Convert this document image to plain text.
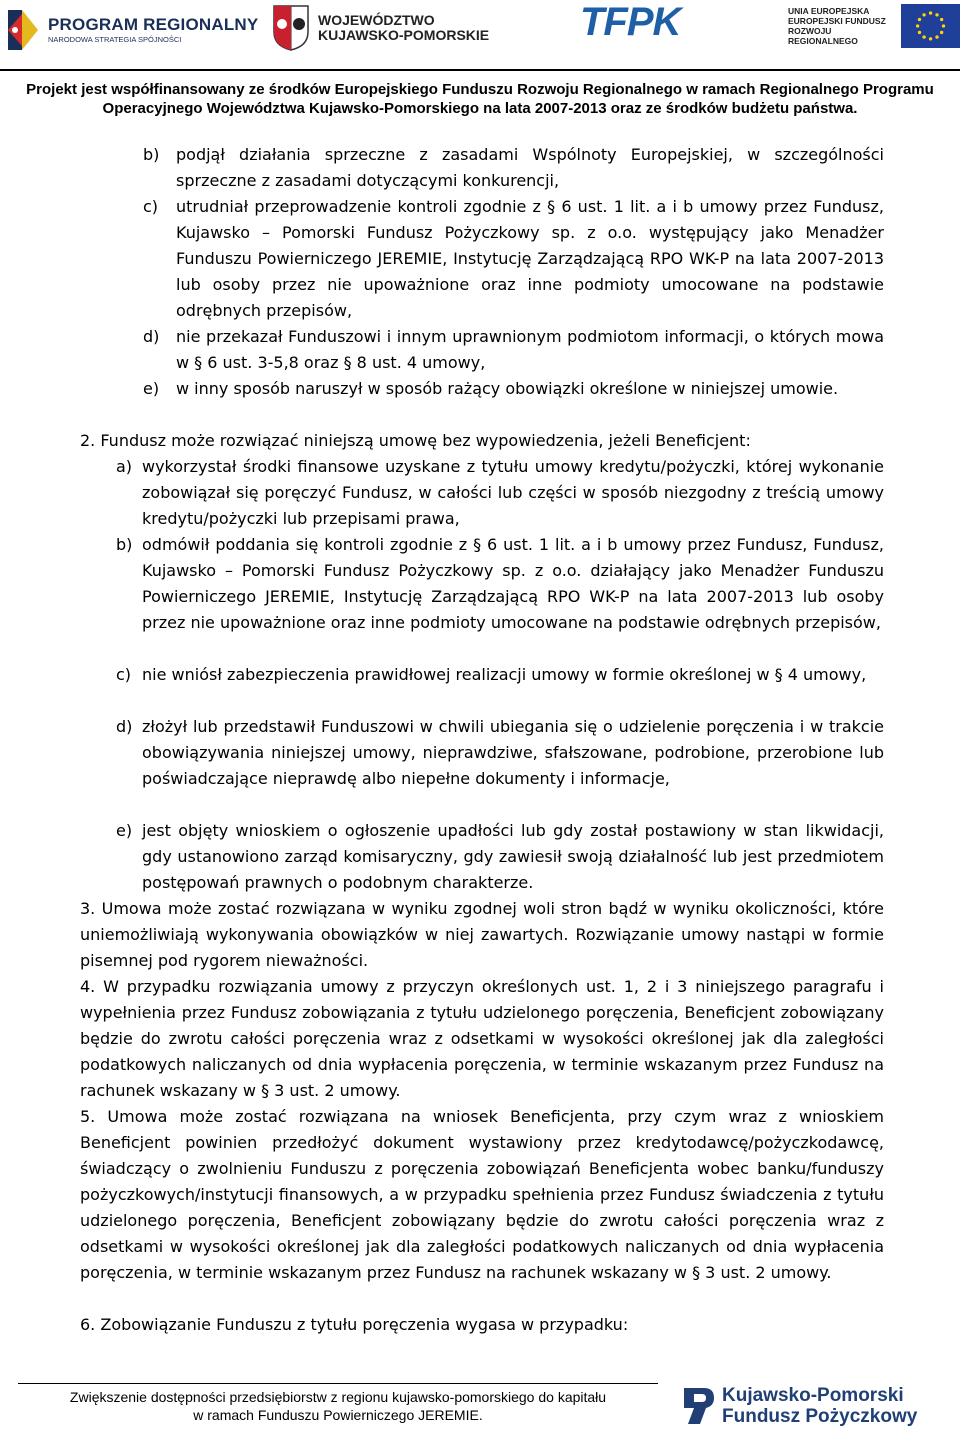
PROGRAM REGIONALNY
NARODOWA STRATEGIA SPÓJNOŚCI
WOJEWÓDZTWO
KUJAWSKO-POMORSKIE TFPK	UNIA EUROPEJSKA
EUROPEJSKI FUNDUSZ
ROZWOJU REGIONALNEGO
Projekt jest współfinansowany ze środków Europejskiego Funduszu Rozwoju Regionalnego w ramach Regionalnego Programu
Operacyjnego Województwa Kujawsko-Pomorskiego na lata 2007-2013 oraz ze środków budżetu państwa.
b) podjął działania sprzeczne z zasadami Wspólnoty Europejskiej, w szczególności sprzeczne z zasadami dotyczącymi konkurencji,
c) utrudniał przeprowadzenie kontroli zgodnie z § 6 ust. 1 lit. a i b umowy przez Fundusz, Kujawsko – Pomorski Fundusz Pożyczkowy sp. z o.o. występujący jako Menadżer Funduszu Powierniczego JEREMIE, Instytucję Zarządzającą RPO WK-P na lata 2007-2013 lub osoby przez nie upoważnione oraz inne podmioty umocowane na podstawie odrębnych przepisów,
d) nie przekazał Funduszowi i innym uprawnionym podmiotom informacji, o których mowa w § 6 ust. 3-5,8 oraz § 8 ust. 4 umowy,
e) w inny sposób naruszył w sposób rażący obowiązki określone w niniejszej umowie.
2. Fundusz może rozwiązać niniejszą umowę bez wypowiedzenia, jeżeli Beneficjent:
a) wykorzystał środki finansowe uzyskane z tytułu umowy kredytu/pożyczki, której wykonanie zobowiązał się poręczyć Fundusz, w całości lub części w sposób niezgodny z treścią umowy kredytu/pożyczki lub przepisami prawa,
b) odmówił poddania się kontroli zgodnie z § 6 ust. 1 lit. a i b umowy przez Fundusz, Fundusz, Kujawsko – Pomorski Fundusz Pożyczkowy sp. z o.o. działający jako Menadżer Funduszu Powierniczego JEREMIE, Instytucję Zarządzającą RPO WK-P na lata 2007-2013 lub osoby przez nie upoważnione oraz inne podmioty umocowane na podstawie odrębnych przepisów,
c) nie wniósł zabezpieczenia prawidłowej realizacji umowy w formie określonej w § 4 umowy,
d) złożył lub przedstawił Funduszowi w chwili ubiegania się o udzielenie poręczenia i w trakcie obowiązywania niniejszej umowy, nieprawdziwe, sfałszowane, podrobione, przerobione lub poświadczające nieprawdę albo niepełne dokumenty i informacje,
e) jest objęty wnioskiem o ogłoszenie upadłości lub gdy został postawiony w stan likwidacji, gdy ustanowiono zarząd komisaryczny, gdy zawiesił swoją działalność lub jest przedmiotem postępowań prawnych o podobnym charakterze.
3. Umowa może zostać rozwiązana w wyniku zgodnej woli stron bądź w wyniku okoliczności, które uniemożliwiają wykonywania obowiązków w niej zawartych. Rozwiązanie umowy nastąpi w formie pisemnej pod rygorem nieważności.
4. W przypadku rozwiązania umowy z przyczyn określonych ust. 1, 2 i 3 niniejszego paragrafu i wypełnienia przez Fundusz zobowiązania z tytułu udzielonego poręczenia, Beneficjent zobowiązany będzie do zwrotu całości poręczenia wraz z odsetkami w wysokości określonej jak dla zaległości podatkowych naliczanych od dnia wypłacenia poręczenia, w terminie wskazanym przez Fundusz na rachunek wskazany w § 3 ust. 2 umowy.
5. Umowa może zostać rozwiązana na wniosek Beneficjenta, przy czym wraz z wnioskiem Beneficjent powinien przedłożyć dokument wystawiony przez kredytodawcę/pożyczkodawcę, świadczący o zwolnieniu Funduszu z poręczenia zobowiązań Beneficjenta wobec banku/funduszy pożyczkowych/instytucji finansowych, a w przypadku spełnienia przez Fundusz świadczenia z tytułu udzielonego poręczenia, Beneficjent zobowiązany będzie do zwrotu całości poręczenia wraz z odsetkami w wysokości określonej jak dla zaległości podatkowych naliczanych od dnia wypłacenia poręczenia, w terminie wskazanym przez Fundusz na rachunek wskazany w § 3 ust. 2 umowy.
6. Zobowiązanie Funduszu z tytułu poręczenia wygasa w przypadku:
Zwiększenie dostępności przedsiębiorstw z regionu kujawsko-pomorskiego do kapitału
w ramach Funduszu Powierniczego JEREMIE.
Kujawsko-Pomorski
Fundusz Pożyczkowy
